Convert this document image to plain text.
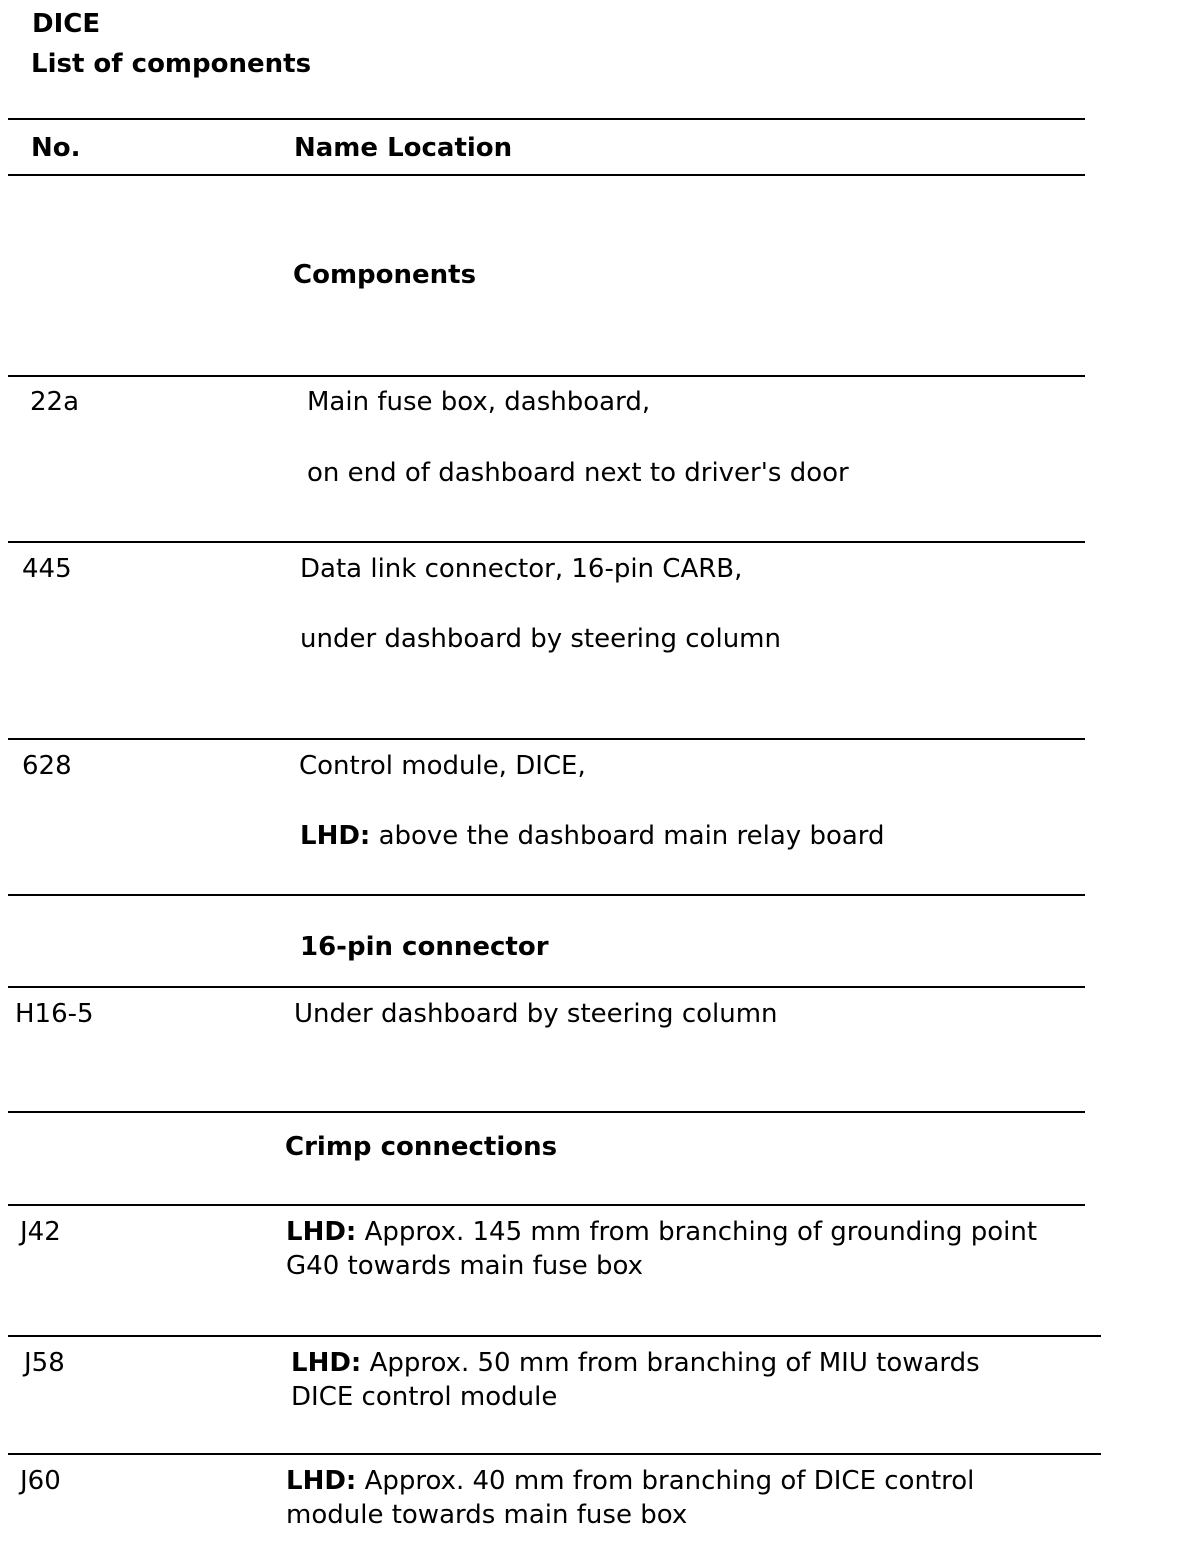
DICE
List of components
No.	Name Location
Components
22a	Main fuse box, dashboard,
on end of dashboard next to driver's door
445	Data link connector, 16-pin CARB,
under dashboard by steering column
628	Control module, DICE,
LHD: above the dashboard main relay board
16-pin connector
H16-5	Under dashboard by steering column
Crimp connections
J42	LHD: Approx. 145 mm from branching of grounding point
G40 towards main fuse box
J58	LHD: Approx. 50 mm from branching of MIU towards
DICE control module
J60	LHD: Approx. 40 mm from branching of DICE control
module towards main fuse box
